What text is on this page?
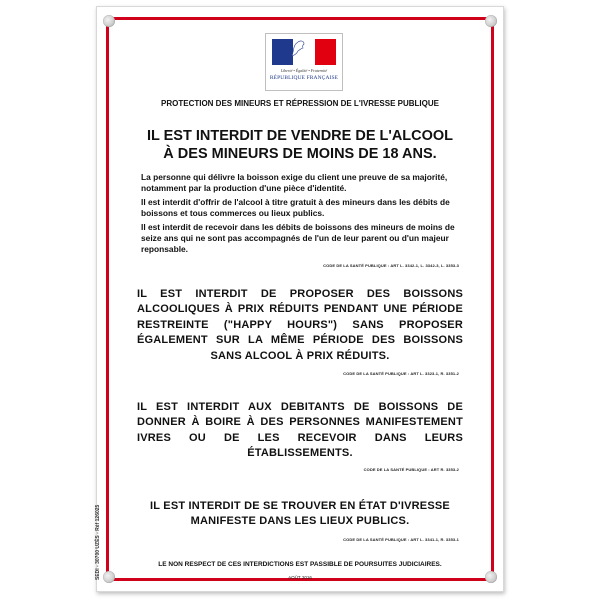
Liberté • Égalité • Fraternité
RÉPUBLIQUE FRANÇAISE
PROTECTION DES MINEURS ET RÉPRESSION DE L'IVRESSE PUBLIQUE
IL EST INTERDIT DE VENDRE DE L'ALCOOL
À DES MINEURS DE MOINS DE 18 ANS.

La personne qui délivre la boisson exige du client une preuve de sa majorité, notamment par la production d'une pièce d'identité.

Il est interdit d'offrir de l'alcool à titre gratuit à des mineurs dans les débits de boissons et tous commerces ou lieux publics.

Il est interdit de recevoir dans les débits de boissons des mineurs de moins de seize ans qui ne sont pas accompagnés de l'un de leur parent ou d'un majeur reponsable.

CODE DE LA SANTÉ PUBLIQUE : ART L. 3342-1, L. 3342-3, L. 3353-3
IL EST INTERDIT DE PROPOSER DES BOISSONS ALCOOLIQUES À PRIX RÉDUITS PENDANT UNE PÉRIODE RESTREINTE ("HAPPY HOURS") SANS PROPOSER ÉGALEMENT SUR LA MÊME PÉRIODE DES BOISSONS SANS ALCOOL À PRIX RÉDUITS.
CODE DE LA SANTÉ PUBLIQUE : ART L. 3323-1, R. 3351-2
IL EST INTERDIT AUX DEBITANTS DE BOISSONS DE DONNER À BOIRE À DES PERSONNES MANIFESTEMENT IVRES OU DE LES RECEVOIR DANS LEURS ÉTABLISSEMENTS.
CODE DE LA SANTÉ PUBLIQUE : ART R. 3353-2
IL EST INTERDIT DE SE TROUVER EN ÉTAT D'IVRESSE MANIFESTE DANS LES LIEUX PUBLICS.
CODE DE LA SANTÉ PUBLIQUE : ART L. 3341-1, R. 3353-1
LE NON RESPECT DE CES INTERDICTIONS EST PASSIBLE DE POURSUITES JUDICIAIRES.
AOÛT 2016
SEDI - 30700 UZÈS - Réf 126025
